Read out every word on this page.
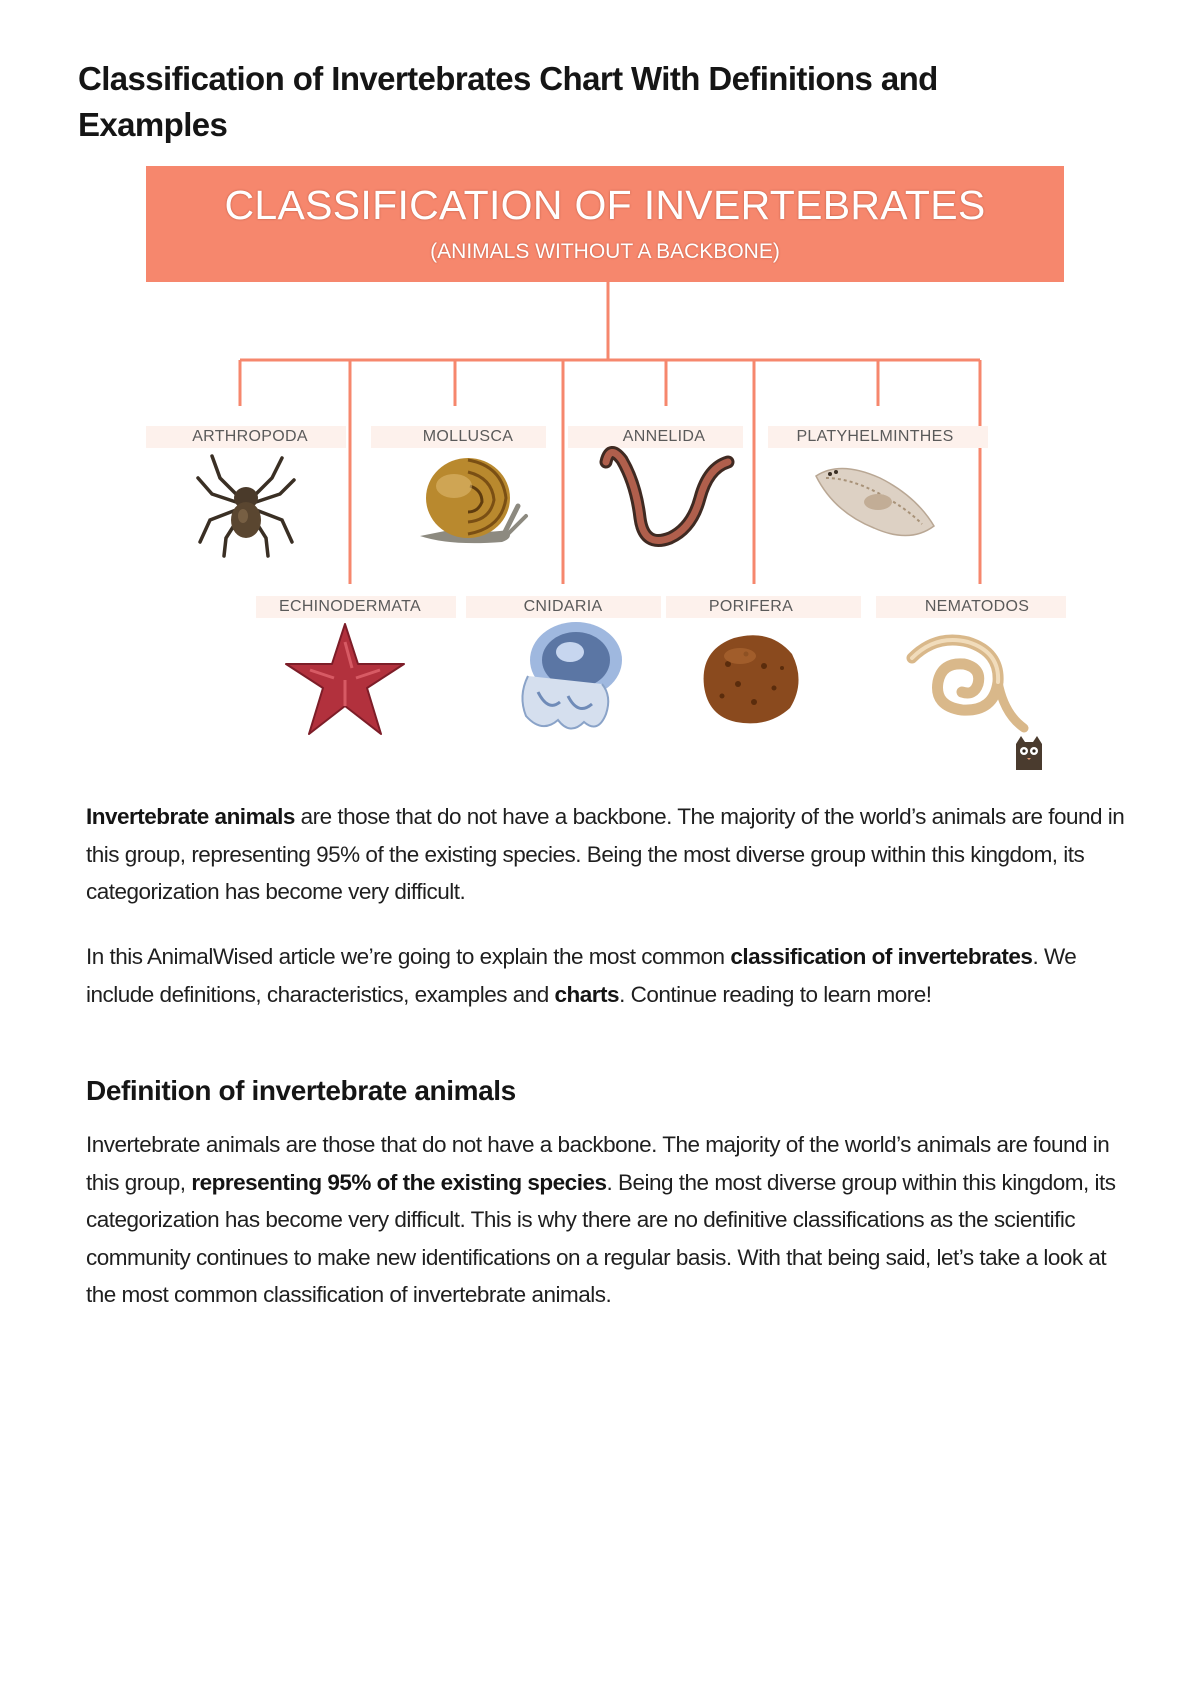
Classification of Invertebrates Chart With Definitions and Examples
CLASSIFICATION OF INVERTEBRATES
(ANIMALS WITHOUT A BACKBONE)
ARTHROPODA	MOLLUSCA	ANNELIDA	PLATYHELMINTHES
ECHINODERMATA	CNIDARIA	PORIFERA	NEMATODOS

Invertebrate animals are those that do not have a backbone. The majority of the world’s animals are found in this group, representing 95% of the existing species. Being the most diverse group within this kingdom, its categorization has become very difficult.

In this AnimalWised article we’re going to explain the most common classification of invertebrates. We include definitions, characteristics, examples and charts. Continue reading to learn more!

Definition of invertebrate animals

Invertebrate animals are those that do not have a backbone. The majority of the world’s animals are found in this group, representing 95% of the existing species. Being the most diverse group within this kingdom, its categorization has become very difficult. This is why there are no definitive classifications as the scientific community continues to make new identifications on a regular basis. With that being said, let’s take a look at the most common classification of invertebrate animals.
